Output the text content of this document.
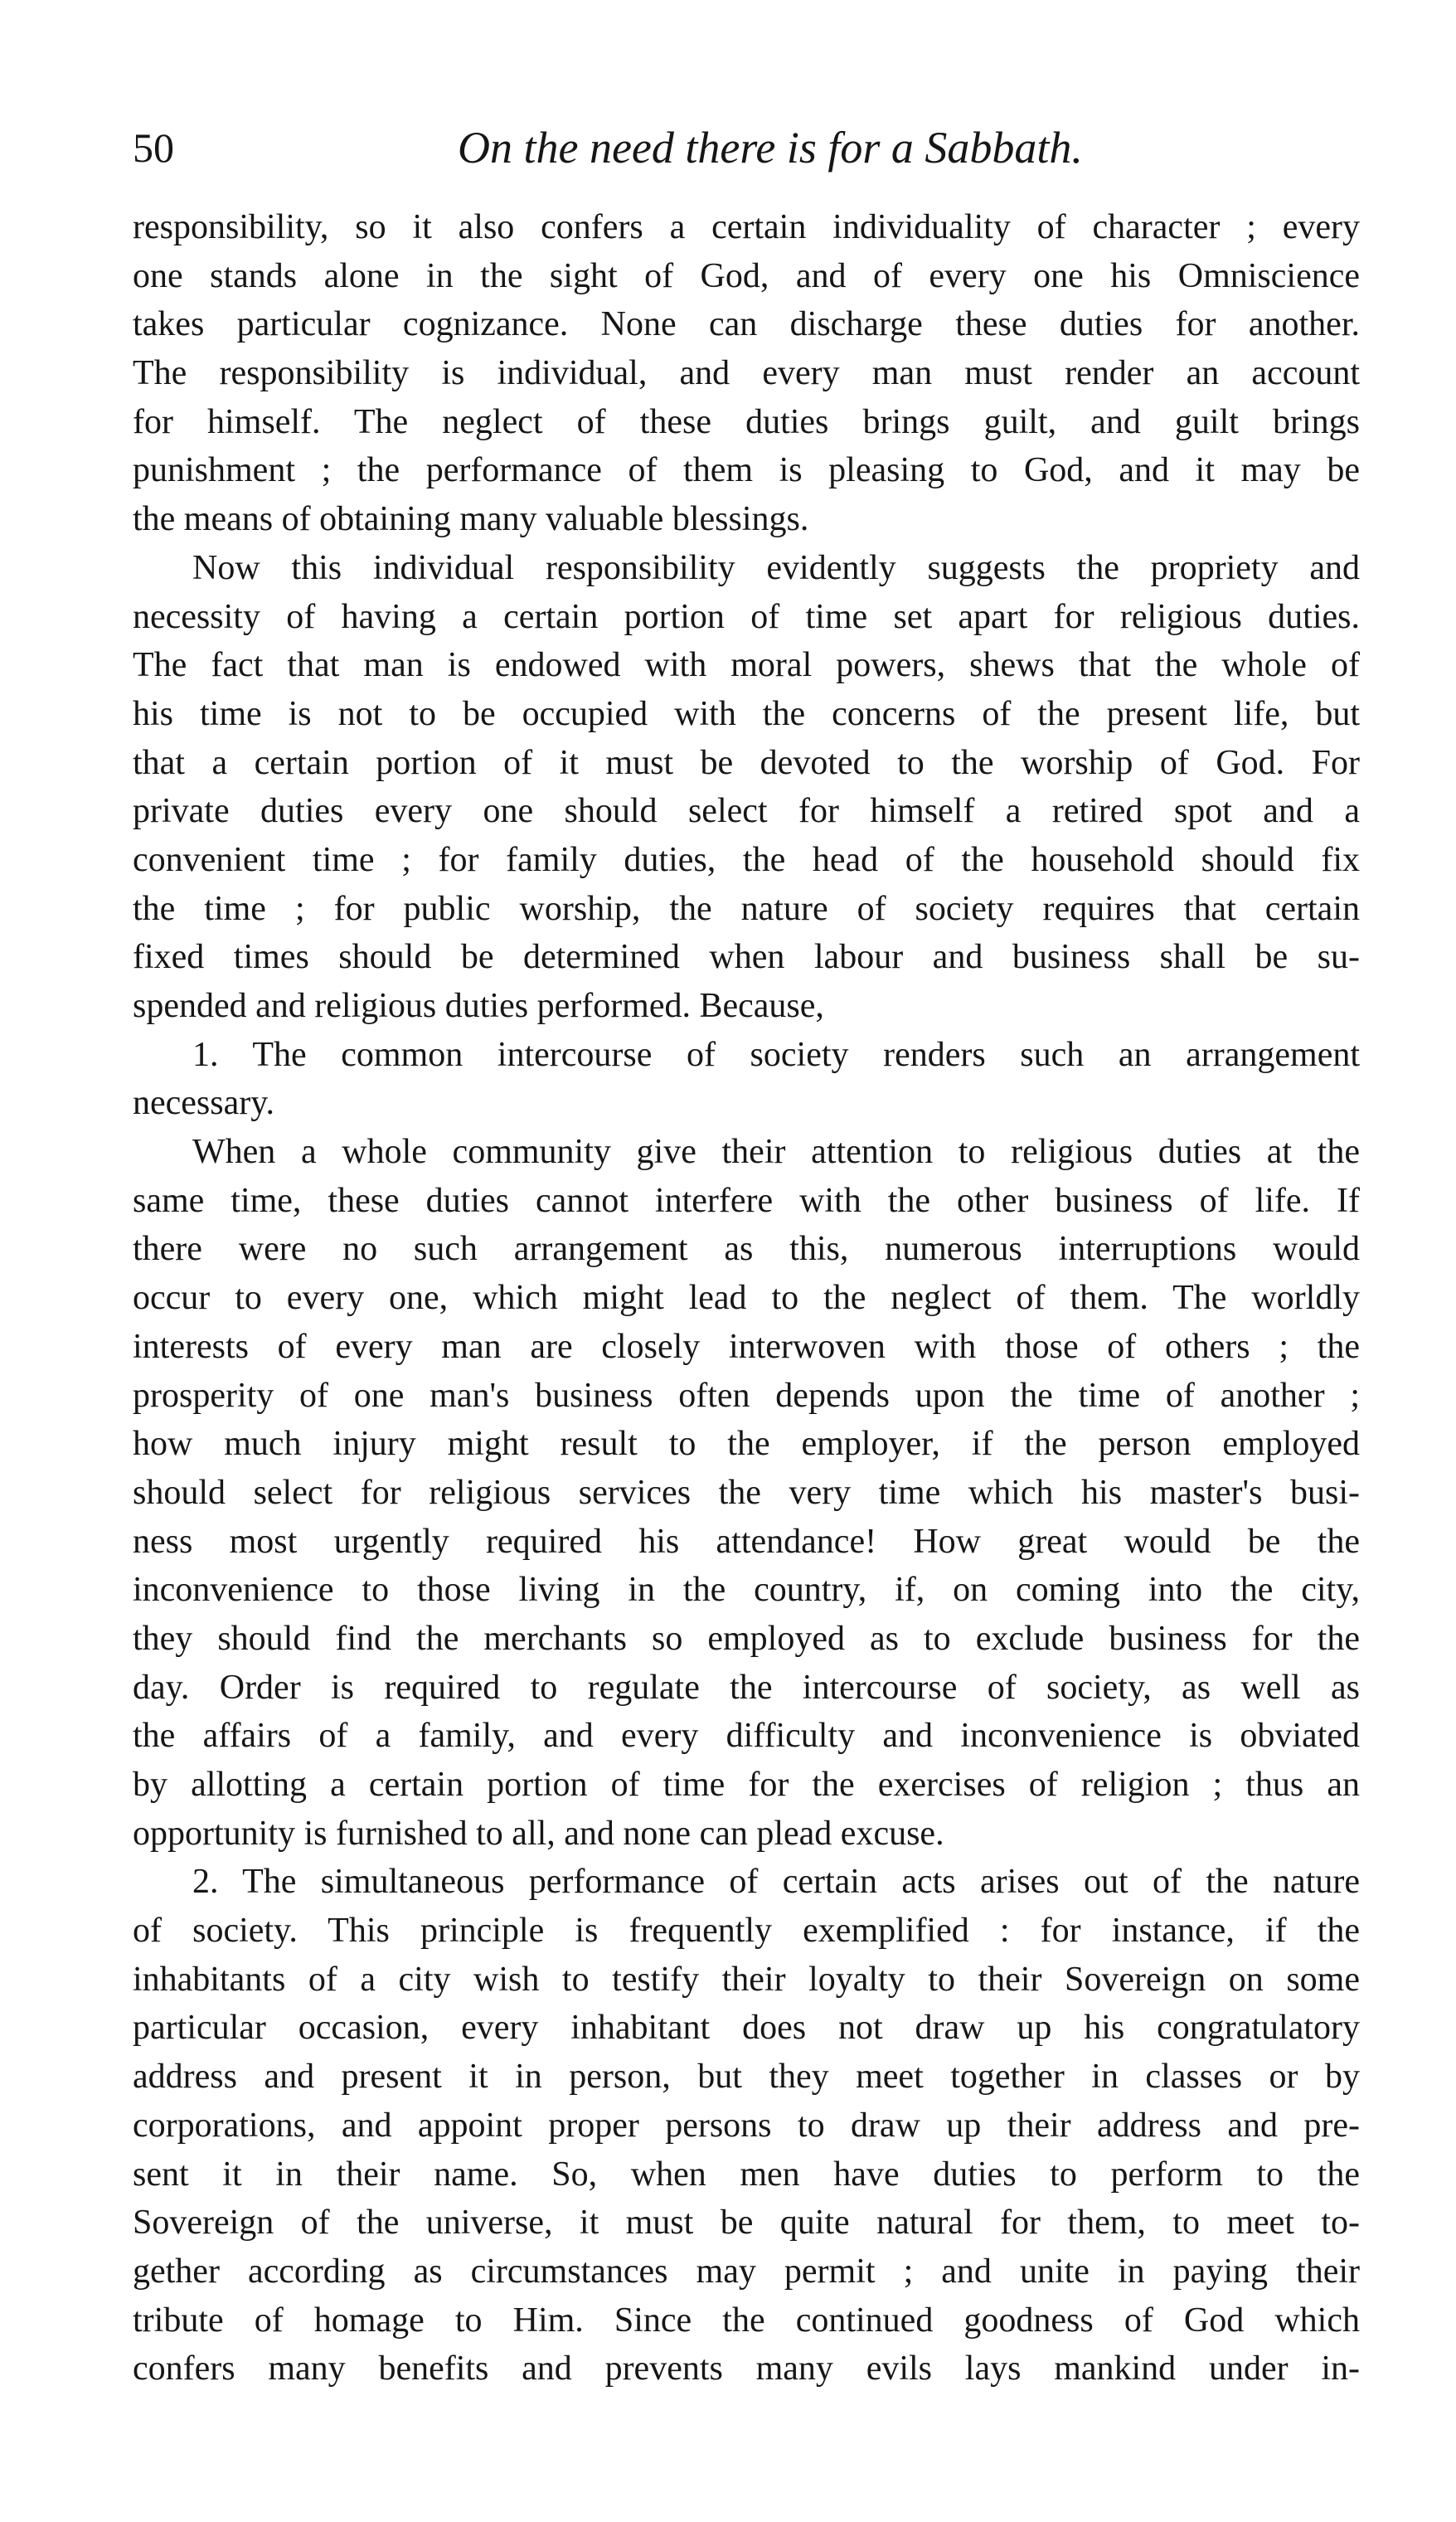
50	On the need there is for a Sabbath.
responsibility, so it also confers a certain individuality of character ; every
one stands alone in the sight of God, and of every one his Omniscience
takes particular cognizance. None can discharge these duties for another.
The responsibility is individual, and every man must render an account
for himself. The neglect of these duties brings guilt, and guilt brings
punishment ; the performance of them is pleasing to God, and it may be
the means of obtaining many valuable blessings.
Now this individual responsibility evidently suggests the propriety and
necessity of having a certain portion of time set apart for religious duties.
The fact that man is endowed with moral powers, shews that the whole of
his time is not to be occupied with the concerns of the present life, but
that a certain portion of it must be devoted to the worship of God. For
private duties every one should select for himself a retired spot and a
convenient time ; for family duties, the head of the household should fix
the time ; for public worship, the nature of society requires that certain
fixed times should be determined when labour and business shall be su-
spended and religious duties performed. Because,
1. The common intercourse of society renders such an arrangement
necessary.
When a whole community give their attention to religious duties at the
same time, these duties cannot interfere with the other business of life. If
there were no such arrangement as this, numerous interruptions would
occur to every one, which might lead to the neglect of them. The worldly
interests of every man are closely interwoven with those of others ; the
prosperity of one man's business often depends upon the time of another ;
how much injury might result to the employer, if the person employed
should select for religious services the very time which his master's busi-
ness most urgently required his attendance! How great would be the
inconvenience to those living in the country, if, on coming into the city,
they should find the merchants so employed as to exclude business for the
day. Order is required to regulate the intercourse of society, as well as
the affairs of a family, and every difficulty and inconvenience is obviated
by allotting a certain portion of time for the exercises of religion ; thus an
opportunity is furnished to all, and none can plead excuse.
2. The simultaneous performance of certain acts arises out of the nature
of society. This principle is frequently exemplified : for instance, if the
inhabitants of a city wish to testify their loyalty to their Sovereign on some
particular occasion, every inhabitant does not draw up his congratulatory
address and present it in person, but they meet together in classes or by
corporations, and appoint proper persons to draw up their address and pre-
sent it in their name. So, when men have duties to perform to the
Sovereign of the universe, it must be quite natural for them, to meet to-
gether according as circumstances may permit ; and unite in paying their
tribute of homage to Him. Since the continued goodness of God which
confers many benefits and prevents many evils lays mankind under in-
